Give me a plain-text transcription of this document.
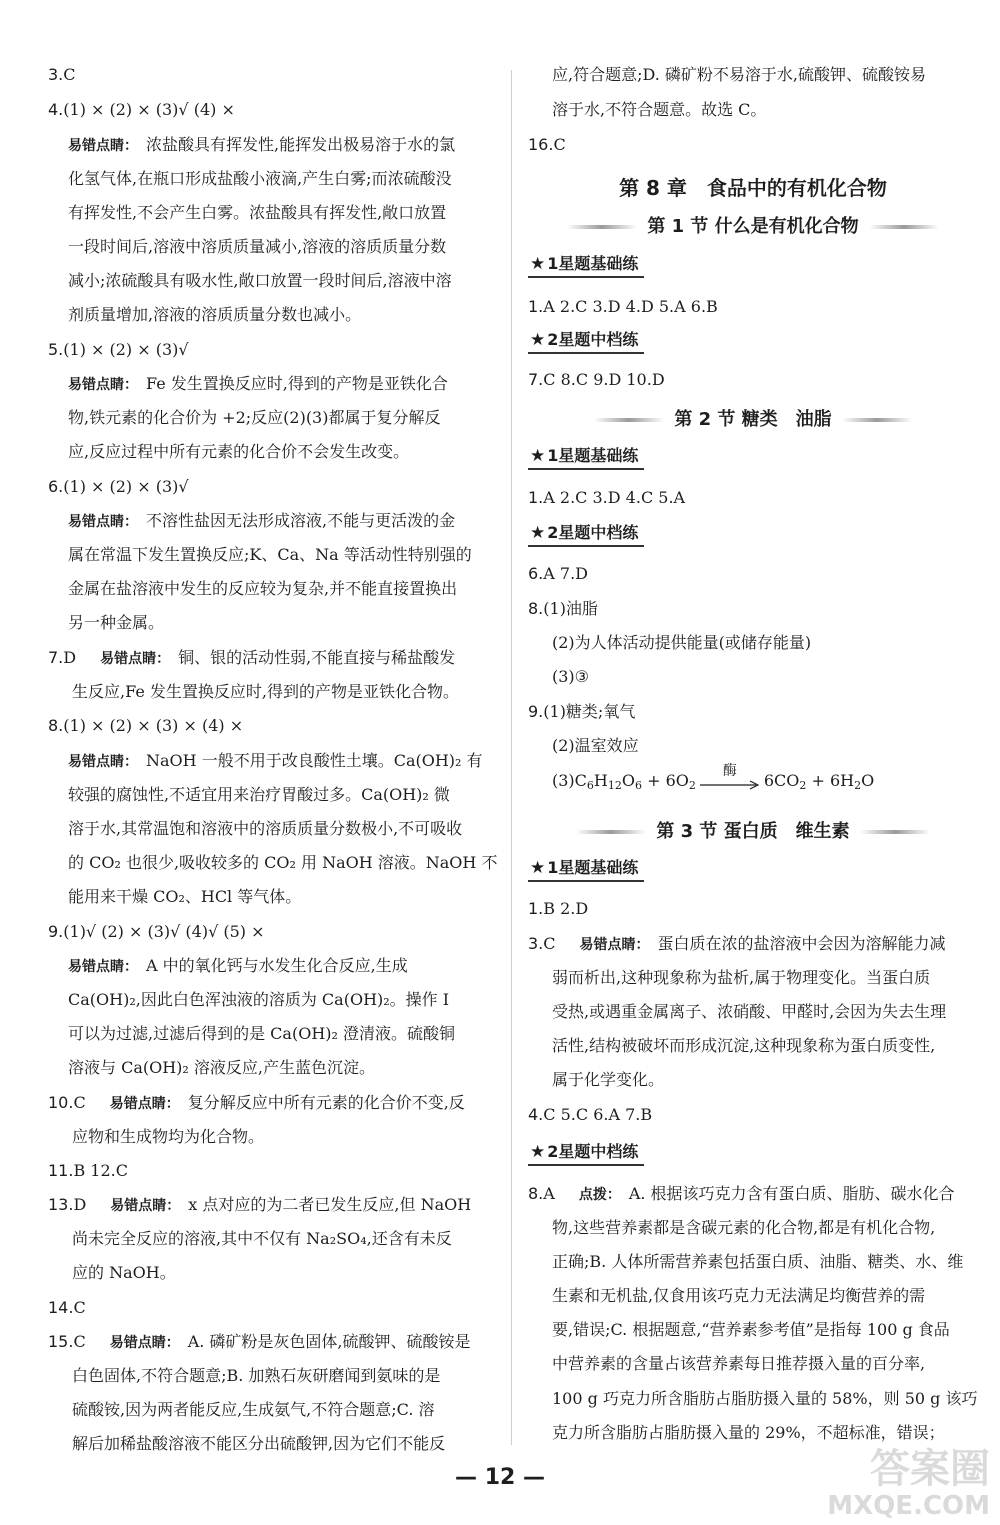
3.C
4.(1) × (2) × (3)√ (4) ×
易错点睛： 浓盐酸具有挥发性,能挥发出极易溶于水的氯
化氢气体,在瓶口形成盐酸小液滴,产生白雾;而浓硫酸没
有挥发性,不会产生白雾。浓盐酸具有挥发性,敞口放置
一段时间后,溶液中溶质质量减小,溶液的溶质质量分数
减小;浓硫酸具有吸水性,敞口放置一段时间后,溶液中溶
剂质量增加,溶液的溶质质量分数也减小。
5.(1) × (2) × (3)√
易错点睛： Fe 发生置换反应时,得到的产物是亚铁化合
物,铁元素的化合价为 +2;反应(2)(3)都属于复分解反
应,反应过程中所有元素的化合价不会发生改变。
6.(1) × (2) × (3)√
易错点睛： 不溶性盐因无法形成溶液,不能与更活泼的金
属在常温下发生置换反应;K、Ca、Na 等活动性特别强的
金属在盐溶液中发生的反应较为复杂,并不能直接置换出
另一种金属。
7.D 易错点睛： 铜、银的活动性弱,不能直接与稀盐酸发
生反应,Fe 发生置换反应时,得到的产物是亚铁化合物。
8.(1) × (2) × (3) × (4) ×
易错点睛： NaOH 一般不用于改良酸性土壤。Ca(OH)₂ 有
较强的腐蚀性,不适宜用来治疗胃酸过多。Ca(OH)₂ 微
溶于水,其常温饱和溶液中的溶质质量分数极小,不可吸收
的 CO₂ 也很少,吸收较多的 CO₂ 用 NaOH 溶液。NaOH 不
能用来干燥 CO₂、HCl 等气体。
9.(1)√ (2) × (3)√ (4)√ (5) ×
易错点睛： A 中的氧化钙与水发生化合反应,生成
Ca(OH)₂,因此白色浑浊液的溶质为 Ca(OH)₂。操作 Ⅰ
可以为过滤,过滤后得到的是 Ca(OH)₂ 澄清液。硫酸铜
溶液与 Ca(OH)₂ 溶液反应,产生蓝色沉淀。
10.C 易错点睛： 复分解反应中所有元素的化合价不变,反
应物和生成物均为化合物。
11.B 12.C
13.D 易错点睛： x 点对应的为二者已发生反应,但 NaOH
尚未完全反应的溶液,其中不仅有 Na₂SO₄,还含有未反
应的 NaOH。
14.C
15.C 易错点睛： A. 磷矿粉是灰色固体,硫酸钾、硫酸铵是
白色固体,不符合题意;B. 加熟石灰研磨闻到氨味的是
硫酸铵,因为两者能反应,生成氨气,不符合题意;C. 溶
解后加稀盐酸溶液不能区分出硫酸钾,因为它们不能反
应,符合题意;D. 磷矿粉不易溶于水,硫酸钾、硫酸铵易
溶于水,不符合题意。故选 C。
16.C
1.A 2.C 3.D 4.D 5.A 6.B
7.C 8.C 9.D 10.D
1.A 2.C 3.D 4.C 5.A
6.A 7.D
8.(1)油脂
(2)为人体活动提供能量(或储存能量)
(3)③
9.(1)糖类;氧气
(2)温室效应
1.B 2.D
3.C 易错点睛： 蛋白质在浓的盐溶液中会因为溶解能力减
弱而析出,这种现象称为盐析,属于物理变化。当蛋白质
受热,或遇重金属离子、浓硝酸、甲醛时,会因为失去生理
活性,结构被破坏而形成沉淀,这种现象称为蛋白质变性,
属于化学变化。
4.C 5.C 6.A 7.B
8.A 点拨： A. 根据该巧克力含有蛋白质、脂肪、碳水化合
物,这些营养素都是含碳元素的化合物,都是有机化合物,
正确;B. 人体所需营养素包括蛋白质、油脂、糖类、水、维
生素和无机盐,仅食用该巧克力无法满足均衡营养的需
要,错误;C. 根据题意,“营养素参考值”是指每 100 g 食品
中营养素的含量占该营养素每日推荐摄入量的百分率,
100 g 巧克力所含脂肪占脂肪摄入量的 58%，则 50 g 该巧
克力所含脂肪占脂肪摄入量的 29%，不超标准，错误；
第 8 章　食品中的有机化合物
第 1 节 什么是有机化合物
第 2 节 糖类　油脂
第 3 节 蛋白质　维生素
★ 1星题基础练
★ 2星题中档练
★ 1星题基础练
★ 2星题中档练
★ 1星题基础练
★ 2星题中档练
$(3)C_6H_{12}O_6 + 6O_2$
酶
$6CO_2 + 6H_2O$
— 12 —	答案圈
MXQE.COM
